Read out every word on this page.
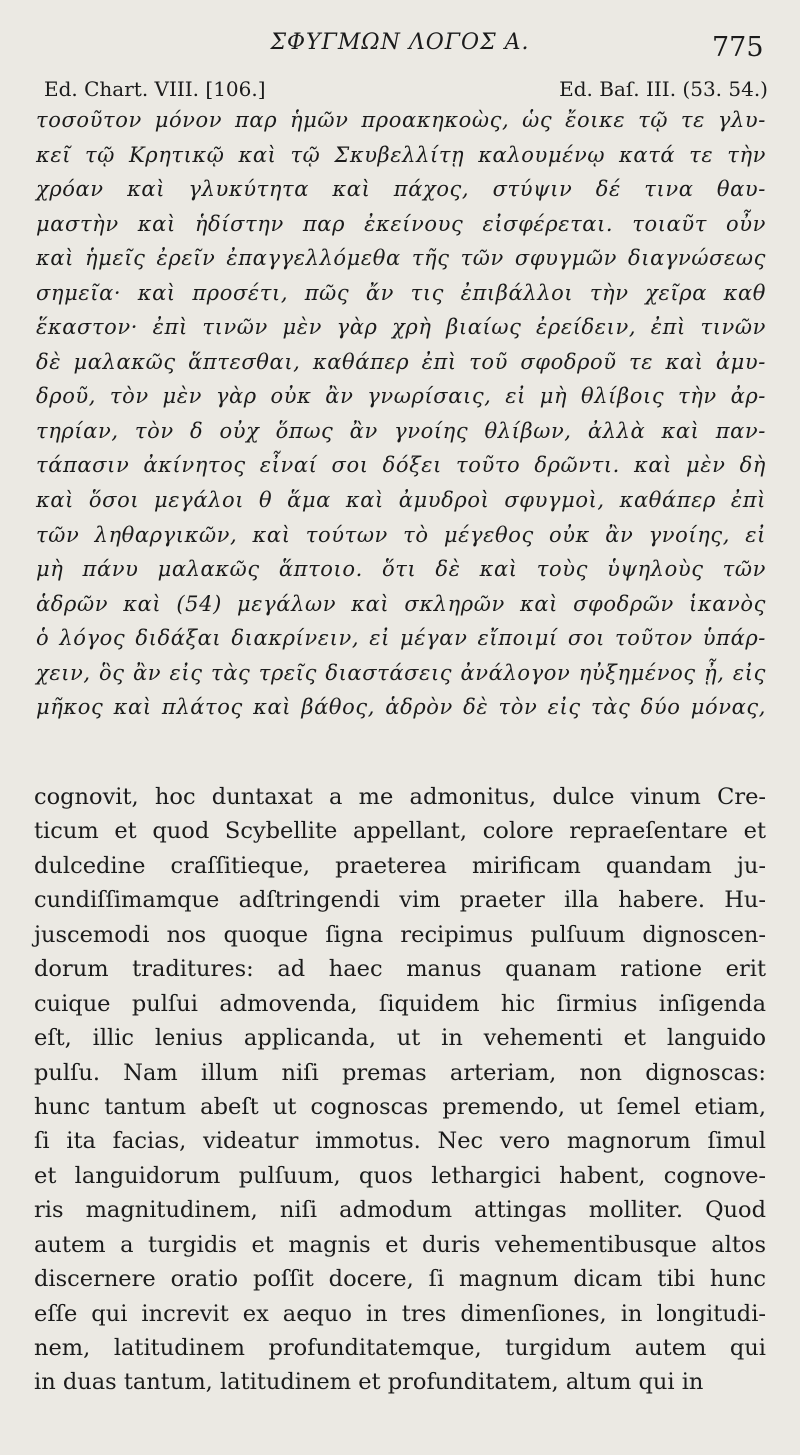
ΣΦΥΓΜΩΝ ΛΟΓΟΣ Α.	775
Ed. Chart. VIII. [106.]	Ed. Baſ. III. (53. 54.)
τοσοῦτον μόνον παρ ἡμῶν προακηκοὼς, ὡς ἔοικε τῷ τε γλυ-
κεῖ τῷ Κρητικῷ καὶ τῷ Σκυβελλίτῃ καλουμένῳ κατά τε τὴν
χρόαν καὶ γλυκύτητα καὶ πάχος, στύψιν δέ τινα θαυ-
μαστὴν καὶ ἡδίστην παρ ἐκείνους εἰσφέρεται. τοιαῦτ οὖν
καὶ ἡμεῖς ἐρεῖν ἐπαγγελλόμεθα τῆς τῶν σφυγμῶν διαγνώσεως
σημεῖα· καὶ προσέτι, πῶς ἄν τις ἐπιβάλλοι τὴν χεῖρα καθ
ἕκαστον· ἐπὶ τινῶν μὲν γὰρ χρὴ βιαίως ἐρείδειν, ἐπὶ τινῶν
δὲ μαλακῶς ἅπτεσθαι, καθάπερ ἐπὶ τοῦ σφοδροῦ τε καὶ ἀμυ-
δροῦ, τὸν μὲν γὰρ οὐκ ἂν γνωρίσαις, εἰ μὴ θλίβοις τὴν ἀρ-
τηρίαν, τὸν δ οὐχ ὅπως ἂν γνοίης θλίβων, ἀλλὰ καὶ παν-
τάπασιν ἀκίνητος εἶναί σοι δόξει τοῦτο δρῶντι. καὶ μὲν δὴ
καὶ ὅσοι μεγάλοι θ ἅμα καὶ ἀμυδροὶ σφυγμοὶ, καθάπερ ἐπὶ
τῶν ληθαργικῶν, καὶ τούτων τὸ μέγεθος οὐκ ἂν γνοίης, εἰ
μὴ πάνυ μαλακῶς ἅπτοιο. ὅτι δὲ καὶ τοὺς ὑψηλοὺς τῶν
ἁδρῶν καὶ (54) μεγάλων καὶ σκληρῶν καὶ σφοδρῶν ἱκανὸς
ὁ λόγος διδάξαι διακρίνειν, εἰ μέγαν εἴποιμί σοι τοῦτον ὑπάρ-
χειν, ὃς ἂν εἰς τὰς τρεῖς διαστάσεις ἀνάλογον ηὐξημένος ᾖ, εἰς
μῆκος καὶ πλάτος καὶ βάθος, ἁδρὸν δὲ τὸν εἰς τὰς δύο μόνας,
cognovit, hoc duntaxat a me admonitus, dulce vinum Cre-
ticum et quod Scybellite appellant, colore repraeſentare et
dulcedine craſſitieque, praeterea mirificam quandam ju-
cundiſſimamque adſtringendi vim praeter illa habere. Hu-
juscemodi nos quoque ſigna recipimus pulſuum dignoscen-
dorum traditures: ad haec manus quanam ratione erit
cuique pulſui admovenda, ſiquidem hic ſirmius inſigenda
eſt, illic lenius applicanda, ut in vehementi et languido
pulſu. Nam illum niſi premas arteriam, non dignoscas:
hunc tantum abeſt ut cognoscas premendo, ut ſemel etiam,
ſi ita facias, videatur immotus. Nec vero magnorum ſimul
et languidorum pulſuum, quos lethargici habent, cognove-
ris magnitudinem, niſi admodum attingas molliter. Quod
autem a turgidis et magnis et duris vehementibusque altos
discernere oratio poſſit docere, ſi magnum dicam tibi hunc
eſſe qui increvit ex aequo in tres dimenſiones, in longitudi-
nem, latitudinem profunditatemque, turgidum autem qui
in duas tantum, latitudinem et profunditatem, altum qui in
